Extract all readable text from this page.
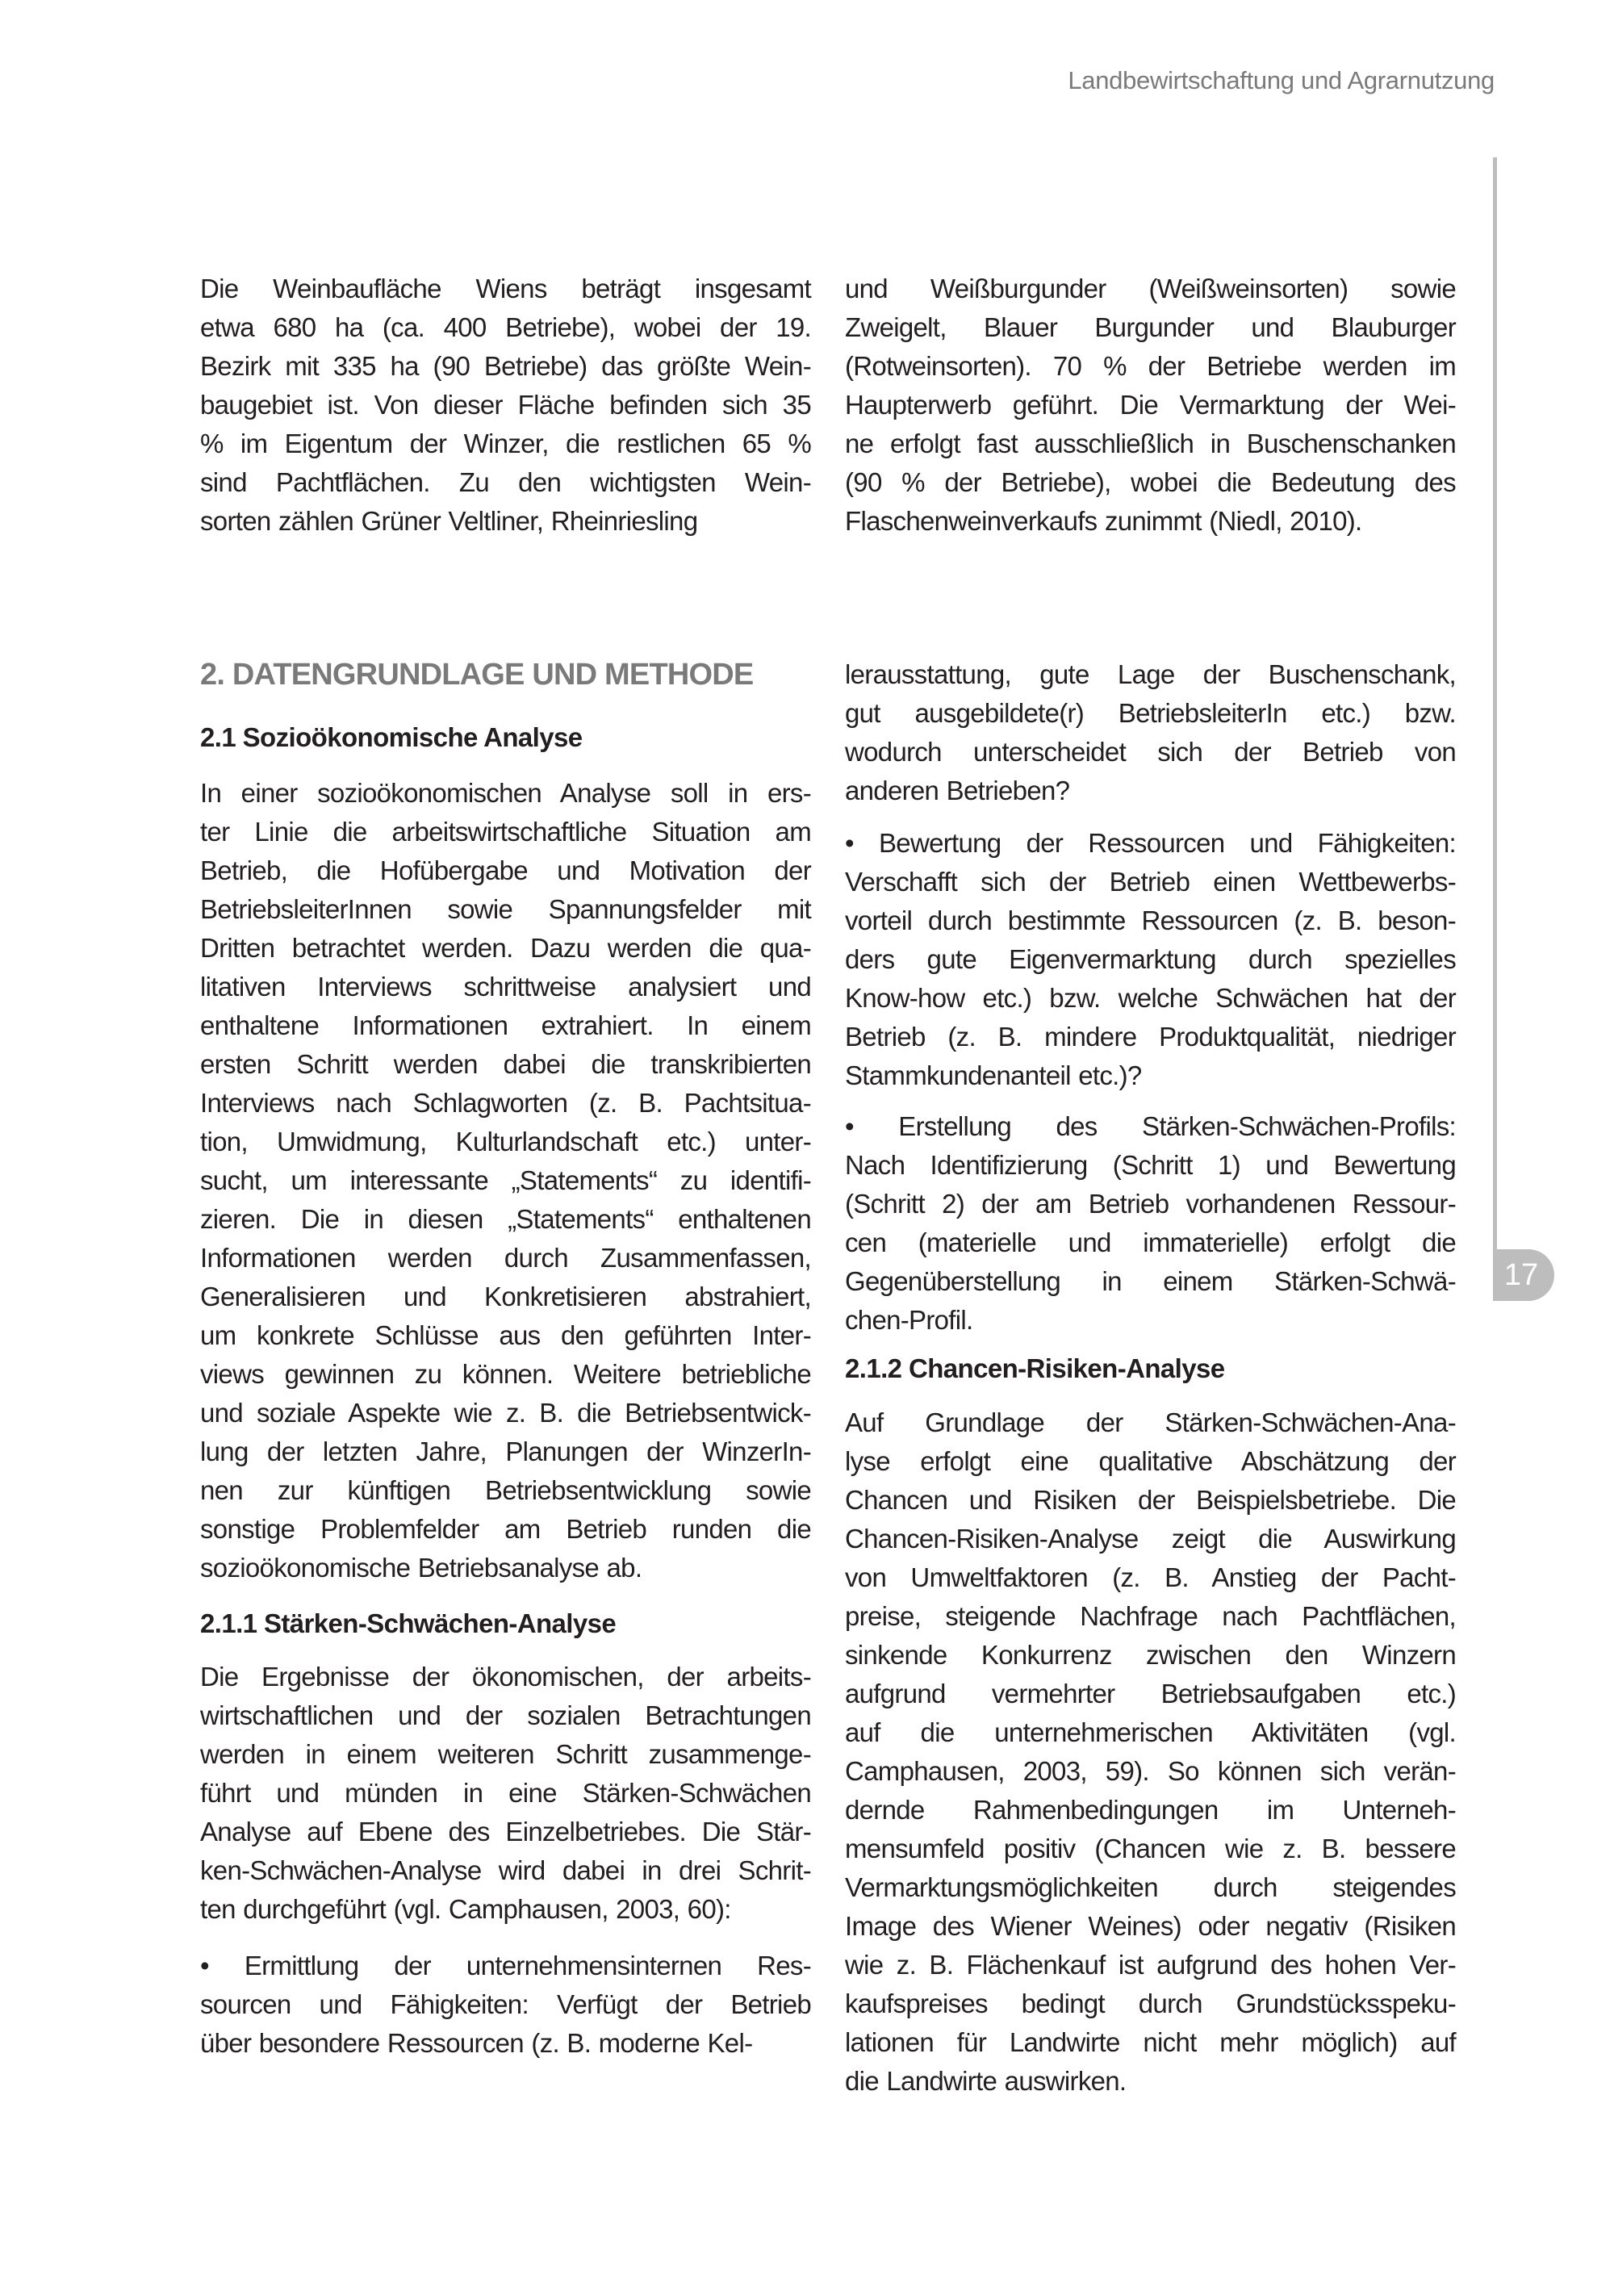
Landbewirtschaftung und Agrarnutzung
17
Die Weinbaufläche Wiens beträgt insgesamt
etwa 680 ha (ca. 400 Betriebe), wobei der 19.
Bezirk mit 335 ha (90 Betriebe) das größte Wein-
baugebiet ist. Von dieser Fläche befinden sich 35
% im Eigentum der Winzer, die restlichen 65 %
sind Pachtflächen. Zu den wichtigsten Wein-
sorten zählen Grüner Veltliner, Rheinriesling
2. DATENGRUNDLAGE UND METHODE
2.1 Sozioökonomische Analyse
In einer sozioökonomischen Analyse soll in ers-
ter Linie die arbeitswirtschaftliche Situation am
Betrieb, die Hofübergabe und Motivation der
BetriebsleiterInnen sowie Spannungsfelder mit
Dritten betrachtet werden. Dazu werden die qua-
litativen Interviews schrittweise analysiert und
enthaltene Informationen extrahiert. In einem
ersten Schritt werden dabei die transkribierten
Interviews nach Schlagworten (z. B. Pachtsitua-
tion, Umwidmung, Kulturlandschaft etc.) unter-
sucht, um interessante „Statements“ zu identifi-
zieren. Die in diesen „Statements“ enthaltenen
Informationen werden durch Zusammenfassen,
Generalisieren und Konkretisieren abstrahiert,
um konkrete Schlüsse aus den geführten Inter-
views gewinnen zu können. Weitere betriebliche
und soziale Aspekte wie z. B. die Betriebsentwick-
lung der letzten Jahre, Planungen der WinzerIn-
nen zur künftigen Betriebsentwicklung sowie
sonstige Problemfelder am Betrieb runden die
sozioökonomische Betriebsanalyse ab.
2.1.1 Stärken-Schwächen-Analyse
Die Ergebnisse der ökonomischen, der arbeits-
wirtschaftlichen und der sozialen Betrachtungen
werden in einem weiteren Schritt zusammenge-
führt und münden in eine Stärken-Schwächen
Analyse auf Ebene des Einzelbetriebes. Die Stär-
ken-Schwächen-Analyse wird dabei in drei Schrit-
ten durchgeführt (vgl. Camphausen, 2003, 60):
• Ermittlung der unternehmensinternen Res-
sourcen und Fähigkeiten: Verfügt der Betrieb
über besondere Ressourcen (z. B. moderne Kel-
und Weißburgunder (Weißweinsorten) sowie
Zweigelt, Blauer Burgunder und Blauburger
(Rotweinsorten). 70 % der Betriebe werden im
Haupterwerb geführt. Die Vermarktung der Wei-
ne erfolgt fast ausschließlich in Buschenschanken
(90 % der Betriebe), wobei die Bedeutung des
Flaschenweinverkaufs zunimmt (Niedl, 2010).
lerausstattung, gute Lage der Buschenschank,
gut ausgebildete(r) BetriebsleiterIn etc.) bzw.
wodurch unterscheidet sich der Betrieb von
anderen Betrieben?
• Bewertung der Ressourcen und Fähigkeiten:
Verschafft sich der Betrieb einen Wettbewerbs-
vorteil durch bestimmte Ressourcen (z. B. beson-
ders gute Eigenvermarktung durch spezielles
Know-how etc.) bzw. welche Schwächen hat der
Betrieb (z. B. mindere Produktqualität, niedriger
Stammkundenanteil etc.)?
• Erstellung des Stärken-Schwächen-Profils:
Nach Identifizierung (Schritt 1) und Bewertung
(Schritt 2) der am Betrieb vorhandenen Ressour-
cen (materielle und immaterielle) erfolgt die
Gegenüberstellung in einem Stärken-Schwä-
chen-Profil.
2.1.2 Chancen-Risiken-Analyse
Auf Grundlage der Stärken-Schwächen-Ana-
lyse erfolgt eine qualitative Abschätzung der
Chancen und Risiken der Beispielsbetriebe. Die
Chancen-Risiken-Analyse zeigt die Auswirkung
von Umweltfaktoren (z. B. Anstieg der Pacht-
preise, steigende Nachfrage nach Pachtflächen,
sinkende Konkurrenz zwischen den Winzern
aufgrund vermehrter Betriebsaufgaben etc.)
auf die unternehmerischen Aktivitäten (vgl.
Camphausen, 2003, 59). So können sich verän-
dernde Rahmenbedingungen im Unterneh-
mensumfeld positiv (Chancen wie z. B. bessere
Vermarktungsmöglichkeiten durch steigendes
Image des Wiener Weines) oder negativ (Risiken
wie z. B. Flächenkauf ist aufgrund des hohen Ver-
kaufspreises bedingt durch Grundstücksspeku-
lationen für Landwirte nicht mehr möglich) auf
die Landwirte auswirken.
